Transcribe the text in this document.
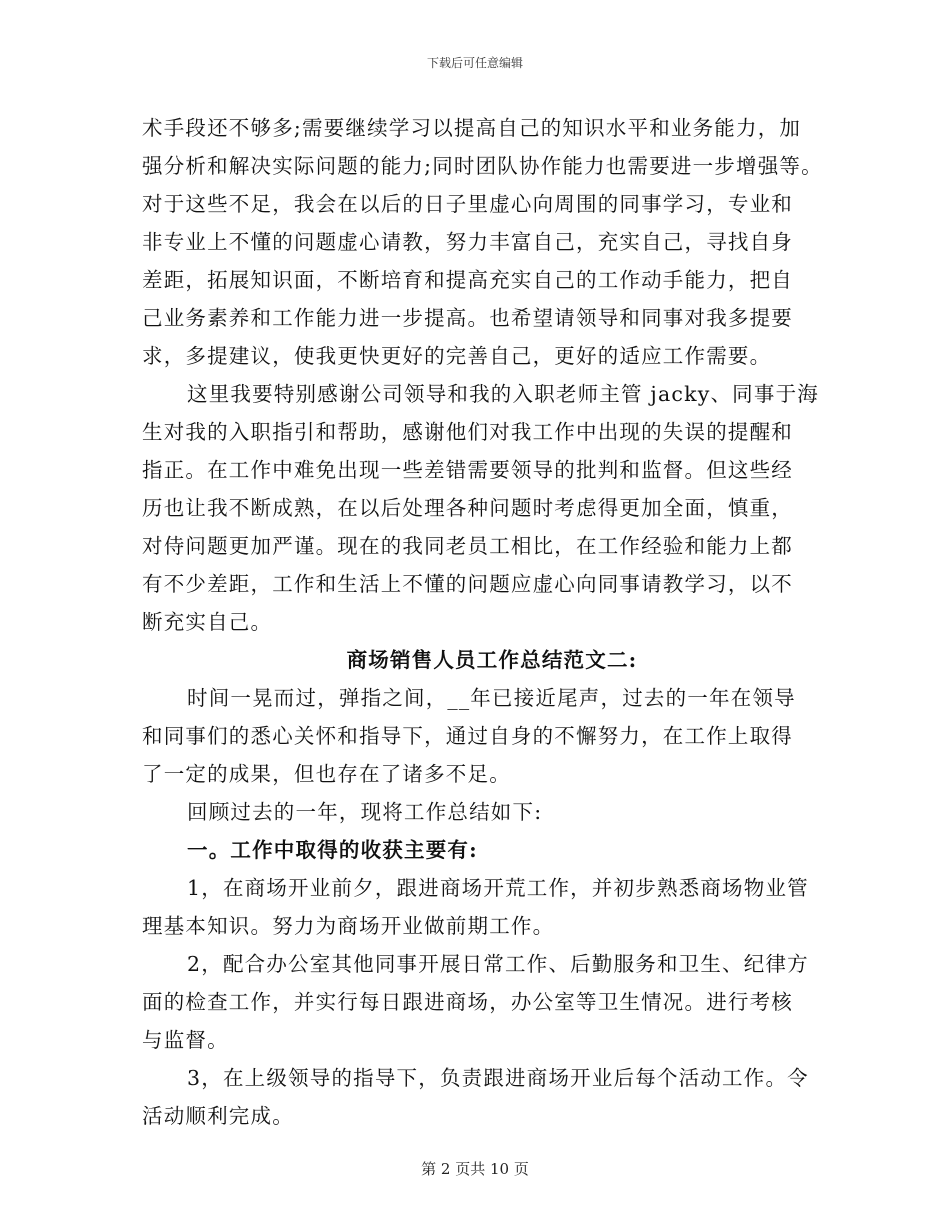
下载后可任意编辑
术手段还不够多;需要继续学习以提高自己的知识水平和业务能力，加
强分析和解决实际问题的能力;同时团队协作能力也需要进一步增强等。
对于这些不足，我会在以后的日子里虚心向周围的同事学习，专业和
非专业上不懂的问题虚心请教，努力丰富自己，充实自己，寻找自身
差距，拓展知识面，不断培育和提高充实自己的工作动手能力，把自
己业务素养和工作能力进一步提高。也希望请领导和同事对我多提要
求，多提建议，使我更快更好的完善自己，更好的适应工作需要。
这里我要特别感谢公司领导和我的入职老师主管 jacky、同事于海
生对我的入职指引和帮助，感谢他们对我工作中出现的失误的提醒和
指正。在工作中难免出现一些差错需要领导的批判和监督。但这些经
历也让我不断成熟，在以后处理各种问题时考虑得更加全面，慎重，
对侍问题更加严谨。现在的我同老员工相比，在工作经验和能力上都
有不少差距，工作和生活上不懂的问题应虚心向同事请教学习，以不
断充实自己。
商场销售人员工作总结范文二:
时间一晃而过，弹指之间，__年已接近尾声，过去的一年在领导
和同事们的悉心关怀和指导下，通过自身的不懈努力，在工作上取得
了一定的成果，但也存在了诸多不足。
回顾过去的一年，现将工作总结如下:
一。工作中取得的收获主要有:
1，在商场开业前夕，跟进商场开荒工作，并初步熟悉商场物业管
理基本知识。努力为商场开业做前期工作。
2，配合办公室其他同事开展日常工作、后勤服务和卫生、纪律方
面的检查工作，并实行每日跟进商场，办公室等卫生情况。进行考核
与监督。
3，在上级领导的指导下，负责跟进商场开业后每个活动工作。令
活动顺利完成。
第 2 页共 10 页
